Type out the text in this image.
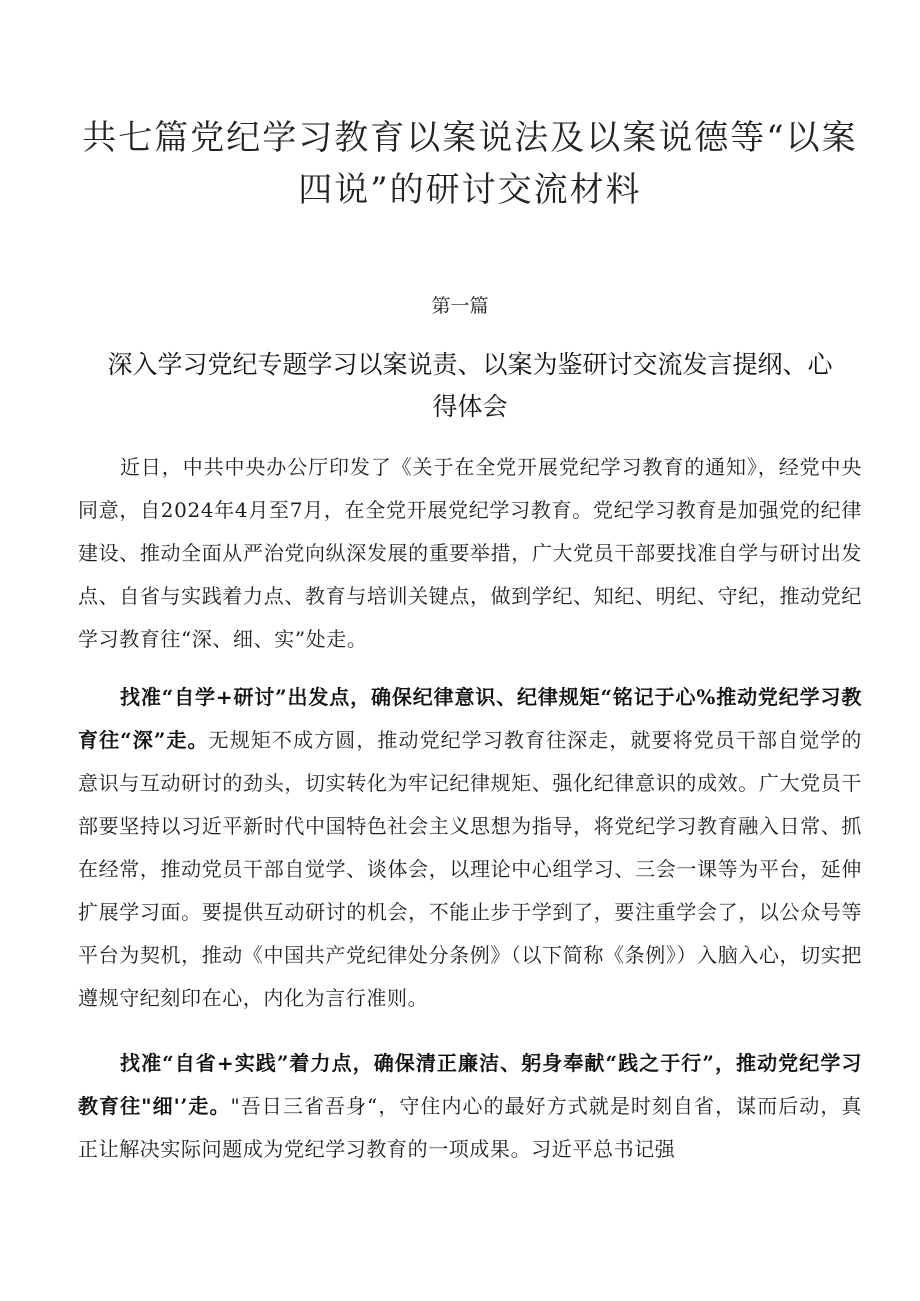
共七篇党纪学习教育以案说法及以案说德等“以案四说”的研讨交流材料

第一篇

深入学习党纪专题学习以案说责、以案为鉴研讨交流发言提纲、心得体会

近日，中共中央办公厅印发了《关于在全党开展党纪学习教育的通知》，经党中央同意，自2024年4月至7月，在全党开展党纪学习教育。党纪学习教育是加强党的纪律建设、推动全面从严治党向纵深发展的重要举措，广大党员干部要找准自学与研讨出发点、自省与实践着力点、教育与培训关键点，做到学纪、知纪、明纪、守纪，推动党纪学习教育往“深、细、实”处走。

找准“自学+研讨”出发点，确保纪律意识、纪律规矩“铭记于心%推动党纪学习教育往“深”走。无规矩不成方圆，推动党纪学习教育往深走，就要将党员干部自觉学的意识与互动研讨的劲头，切实转化为牢记纪律规矩、强化纪律意识的成效。广大党员干部要坚持以习近平新时代中国特色社会主义思想为指导，将党纪学习教育融入日常、抓在经常，推动党员干部自觉学、谈体会，以理论中心组学习、三会一课等为平台，延伸扩展学习面。要提供互动研讨的机会，不能止步于学到了，要注重学会了，以公众号等平台为契机，推动《中国共产党纪律处分条例》（以下简称《条例》）入脑入心，切实把遵规守纪刻印在心，内化为言行准则。

找准“自省+实践”着力点，确保清正廉洁、躬身奉献“践之于行”，推动党纪学习教育往"细'’走。"吾日三省吾身“，守住内心的最好方式就是时刻自省，谋而后动，真正让解决实际问题成为党纪学习教育的一项成果。习近平总书记强
